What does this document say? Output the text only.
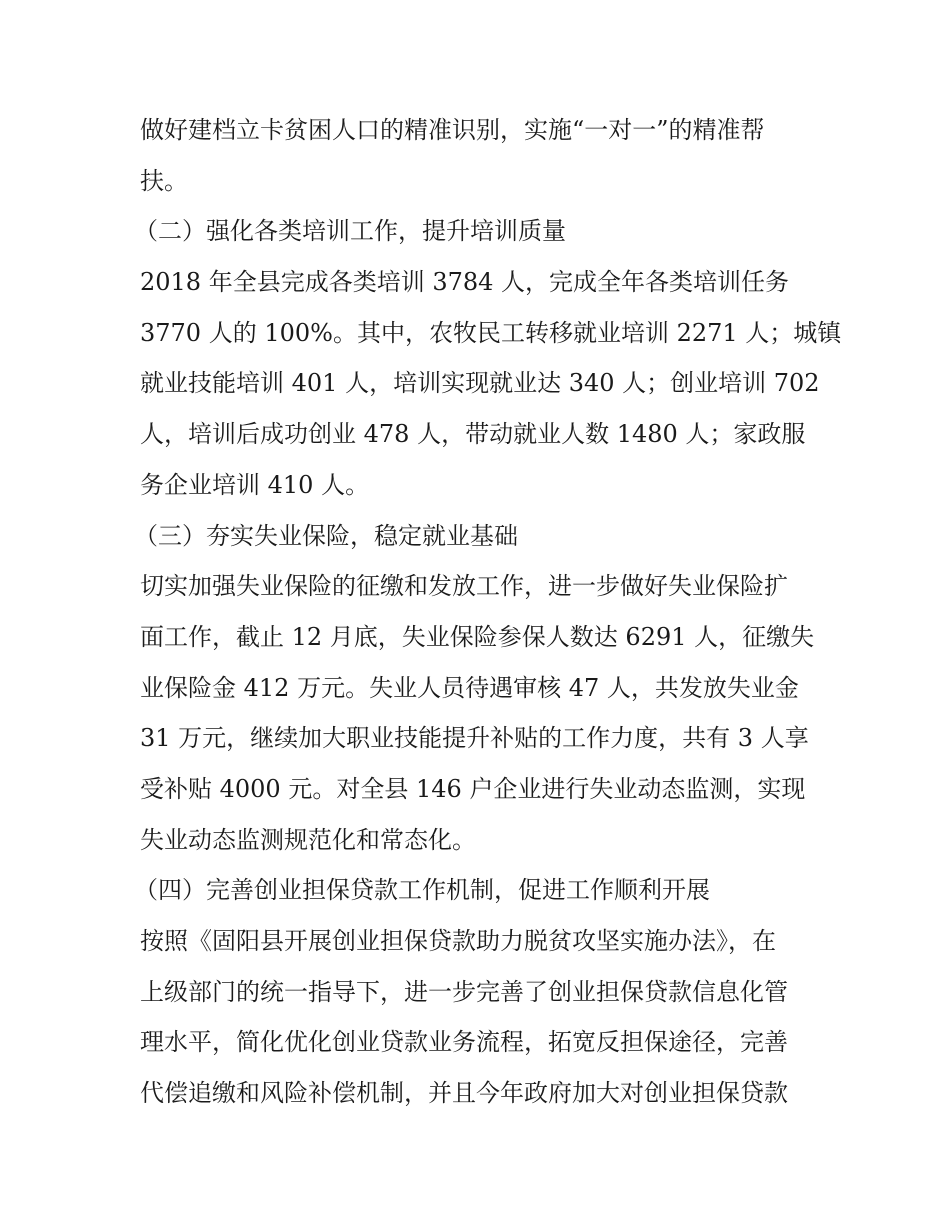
做好建档立卡贫困人口的精准识别，实施“一对一”的精准帮
扶。
（二）强化各类培训工作，提升培训质量
2018 年全县完成各类培训 3784 人，完成全年各类培训任务
3770 人的 100%。其中，农牧民工转移就业培训 2271 人；城镇
就业技能培训 401 人，培训实现就业达 340 人；创业培训 702
人，培训后成功创业 478 人，带动就业人数 1480 人；家政服
务企业培训 410 人。
（三）夯实失业保险，稳定就业基础
切实加强失业保险的征缴和发放工作，进一步做好失业保险扩
面工作，截止 12 月底，失业保险参保人数达 6291 人，征缴失
业保险金 412 万元。失业人员待遇审核 47 人，共发放失业金
31 万元，继续加大职业技能提升补贴的工作力度，共有 3 人享
受补贴 4000 元。对全县 146 户企业进行失业动态监测，实现
失业动态监测规范化和常态化。
（四）完善创业担保贷款工作机制，促进工作顺利开展
按照《固阳县开展创业担保贷款助力脱贫攻坚实施办法》，在
上级部门的统一指导下，进一步完善了创业担保贷款信息化管
理水平，简化优化创业贷款业务流程，拓宽反担保途径，完善
代偿追缴和风险补偿机制，并且今年政府加大对创业担保贷款
